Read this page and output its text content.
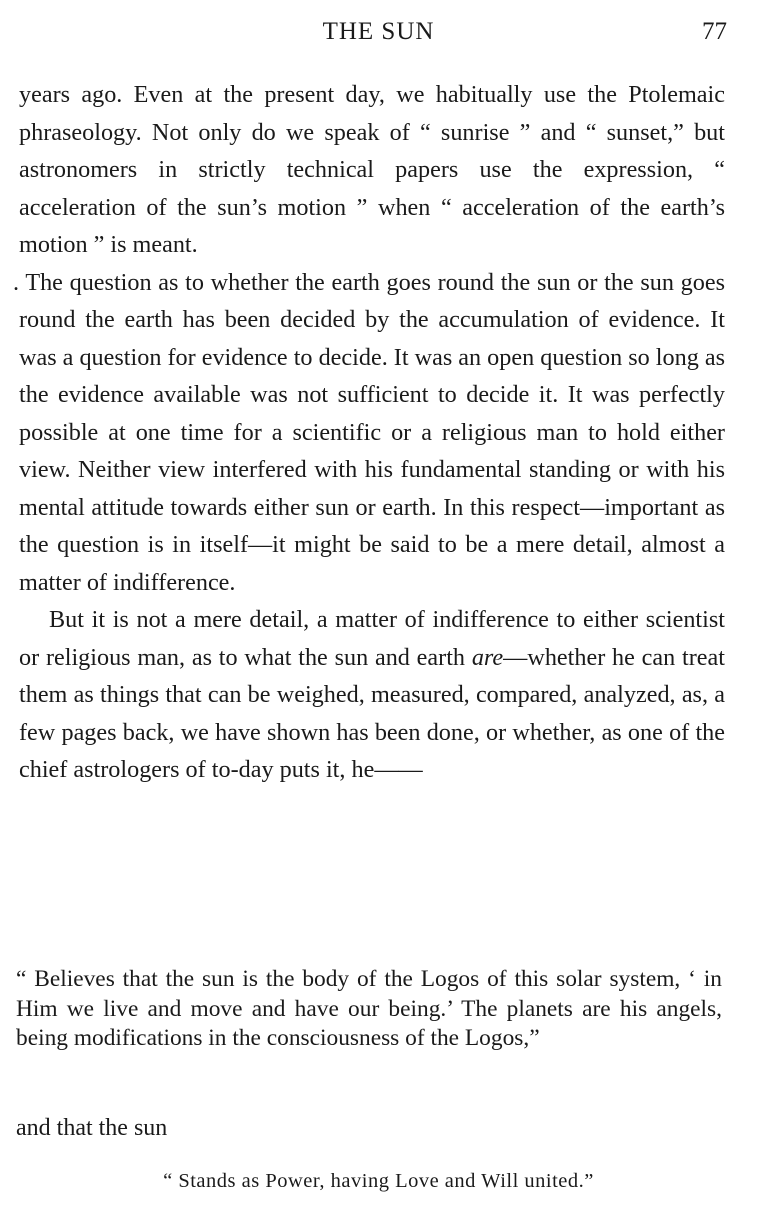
THE SUN	77

years ago. Even at the present day, we habitually use the Ptolemaic phraseology. Not only do we speak of “ sunrise ” and “ sunset,” but astronomers in strictly technical papers use the expression, “ acceleration of the sun’s motion ” when “ acceleration of the earth’s motion ” is meant.

. The question as to whether the earth goes round the sun or the sun goes round the earth has been decided by the accumulation of evidence. It was a question for evidence to decide. It was an open question so long as the evidence available was not sufficient to decide it. It was perfectly possible at one time for a scientific or a religious man to hold either view. Neither view interfered with his fundamental standing or with his mental attitude towards either sun or earth. In this respect—important as the question is in itself—it might be said to be a mere detail, almost a matter of indifference.

But it is not a mere detail, a matter of indifference to either scientist or religious man, as to what the sun and earth are—whether he can treat them as things that can be weighed, measured, compared, analyzed, as, a few pages back, we have shown has been done, or whether, as one of the chief astrologers of to-day puts it, he——

“ Believes that the sun is the body of the Logos of this solar system, ‘ in Him we live and move and have our being.’ The planets are his angels, being modifications in the consciousness of the Logos,”

and that the sun

“ Stands as Power, having Love and Will united.”
